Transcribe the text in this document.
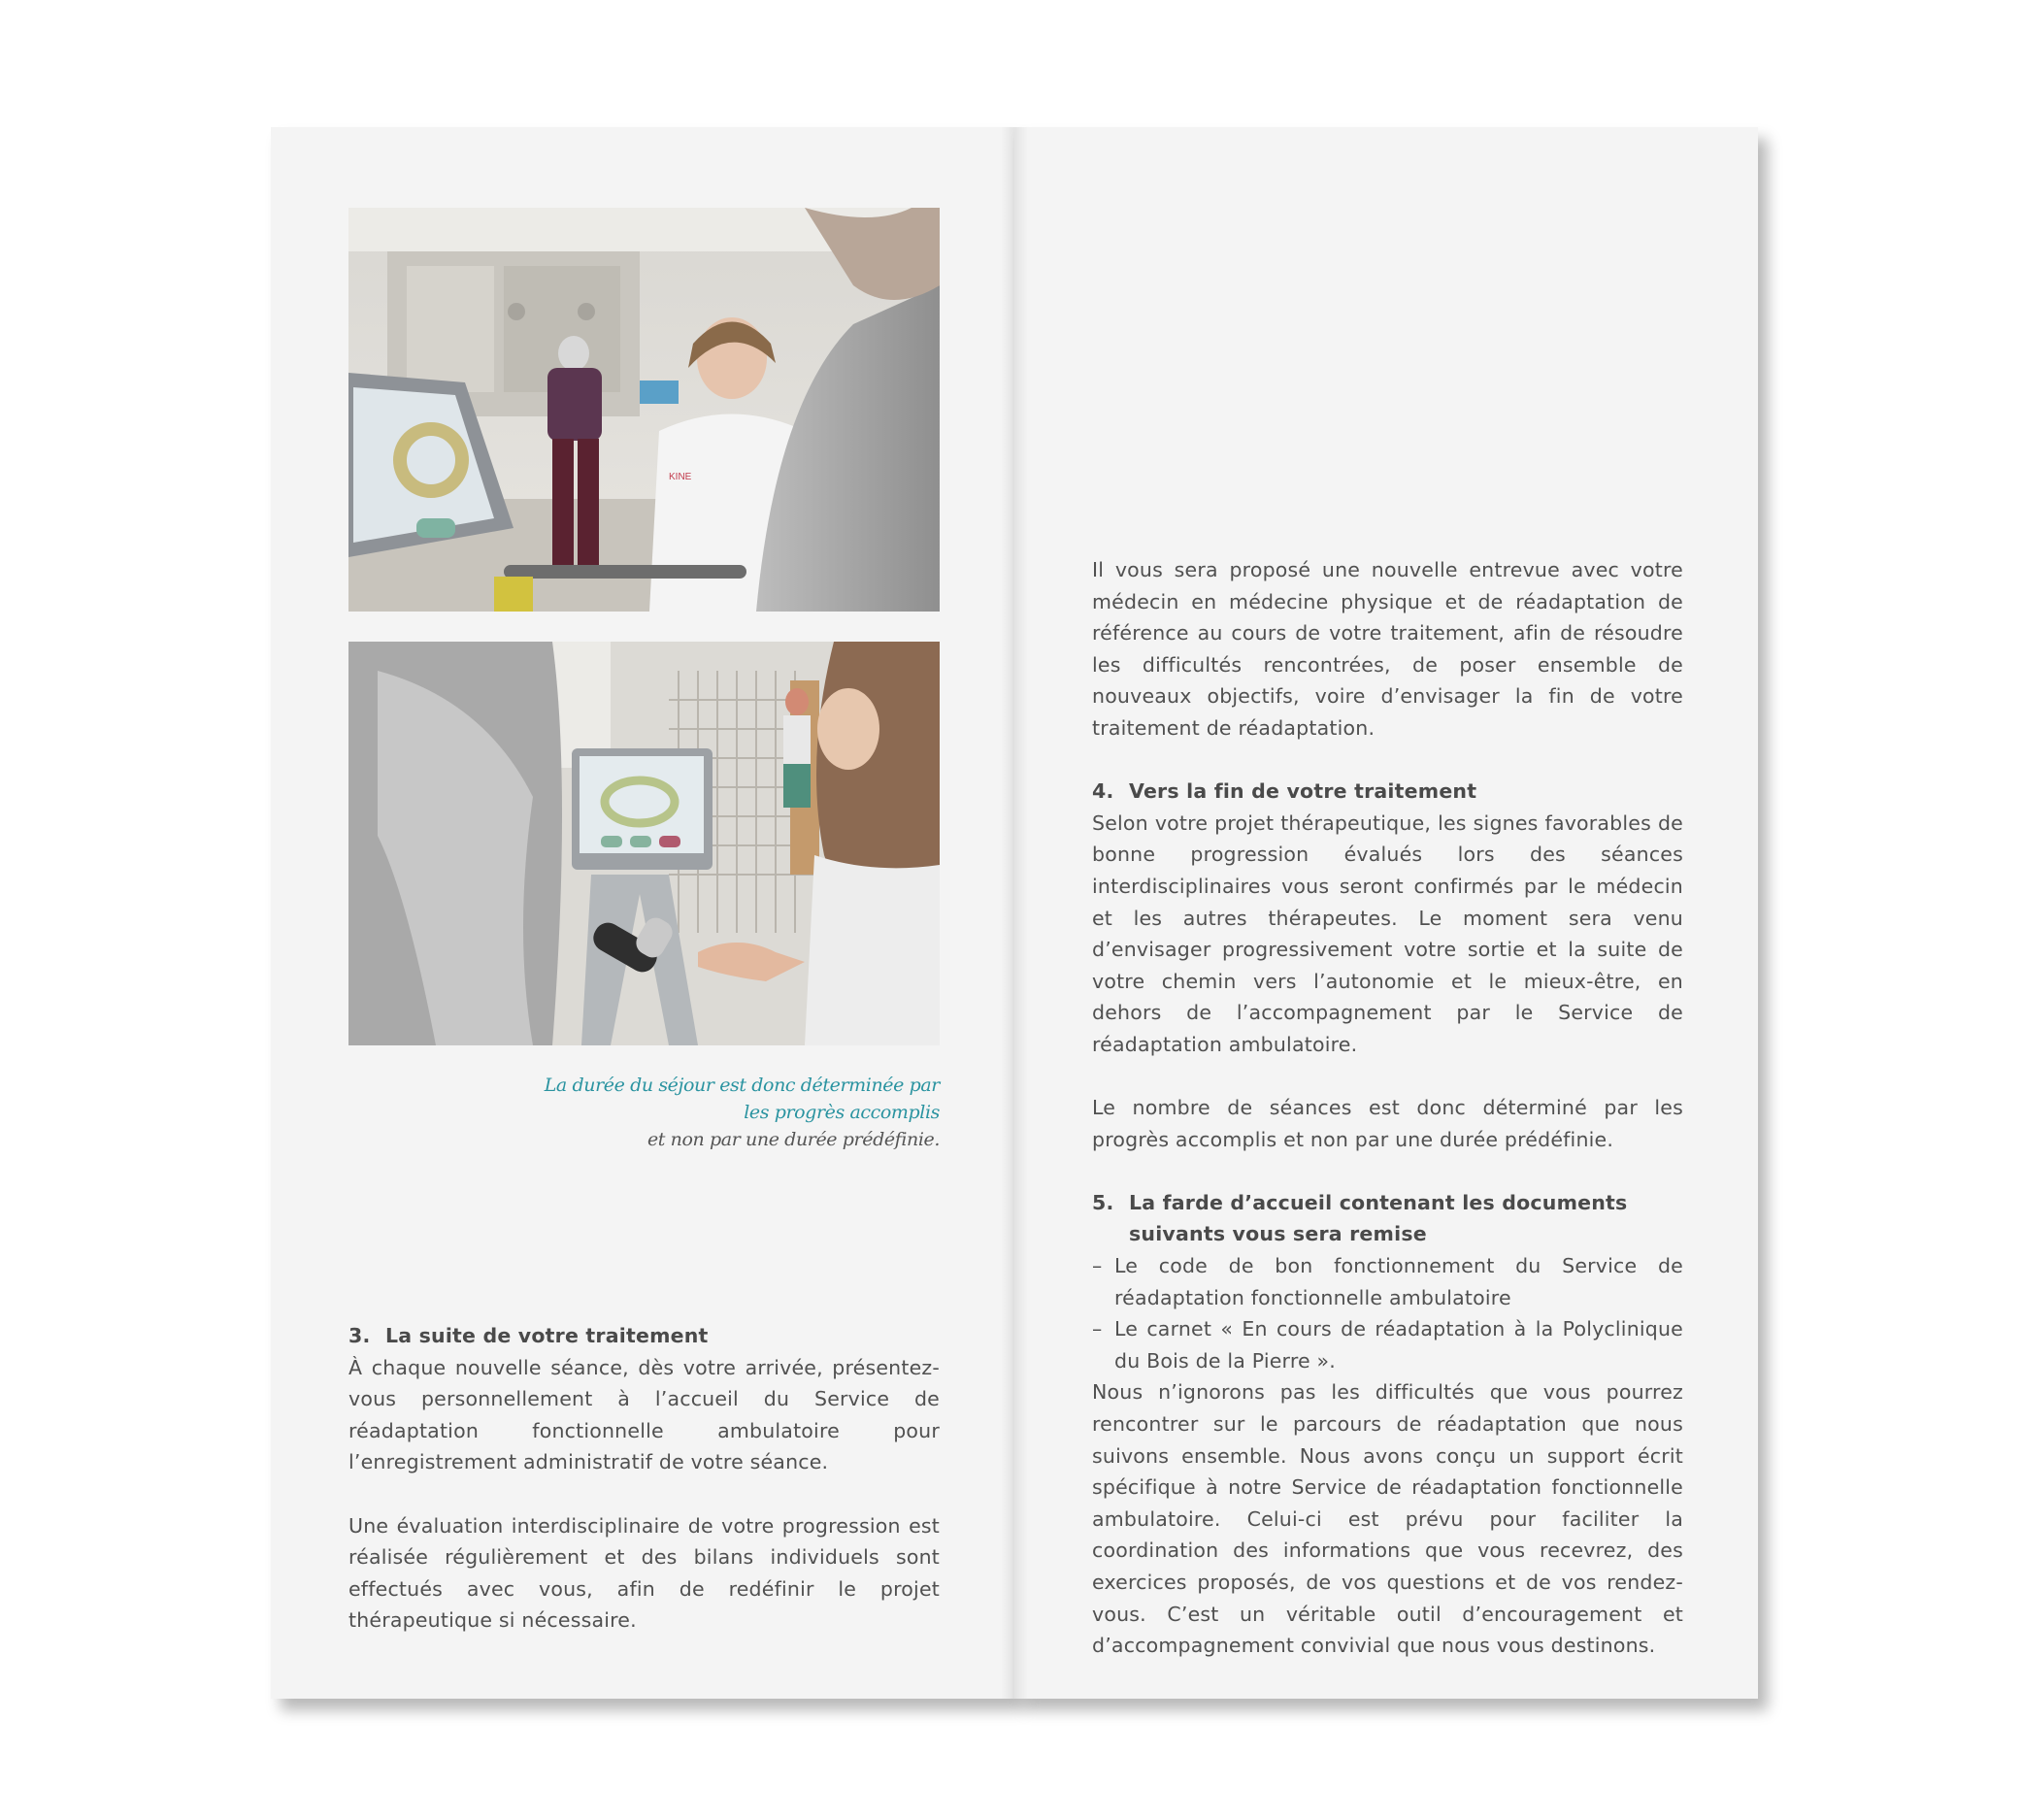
KINE
La durée du séjour est donc déterminée par
les progrès accomplis
et non par une durée prédéfinie.
3. La suite de votre traitement

À chaque nouvelle séance, dès votre arrivée, présentez-vous personnellement à l’accueil du Service de réadaptation fonctionnelle ambulatoire pour l’enregistrement administratif de votre séance.

Une évaluation interdisciplinaire de votre progression est réalisée régulièrement et des bilans individuels sont effectués avec vous, afin de redéfinir le projet thérapeutique si nécessaire.

Il vous sera proposé une nouvelle entrevue avec votre médecin en médecine physique et de réadaptation de référence au cours de votre traitement, afin de résoudre les difficultés rencontrées, de poser ensemble de nouveaux objectifs, voire d’envisager la fin de votre traitement de réadaptation.

4. Vers la fin de votre traitement

Selon votre projet thérapeutique, les signes favorables de bonne progression évalués lors des séances interdisciplinaires vous seront confirmés par le médecin et les autres thérapeutes. Le moment sera venu d’envisager progressivement votre sortie et la suite de votre chemin vers l’autonomie et le mieux-être, en dehors de l’accompagnement par le Service de réadaptation ambulatoire.

Le nombre de séances est donc déterminé par les progrès accomplis et non par une durée prédéfinie.

5. La farde d’accueil contenant les documents suivants vous sera remise
– Le code de bon fonctionnement du Service de réadaptation fonctionnelle ambulatoire
– Le carnet « En cours de réadaptation à la Polyclinique du Bois de la Pierre ».

Nous n’ignorons pas les difficultés que vous pourrez rencontrer sur le parcours de réadaptation que nous suivons ensemble. Nous avons conçu un support écrit spécifique à notre Service de réadaptation fonctionnelle ambulatoire. Celui-ci est prévu pour faciliter la coordination des informations que vous recevrez, des exercices proposés, de vos questions et de vos rendez-vous. C’est un véritable outil d’encouragement et d’accompagnement convivial que nous vous destinons.
